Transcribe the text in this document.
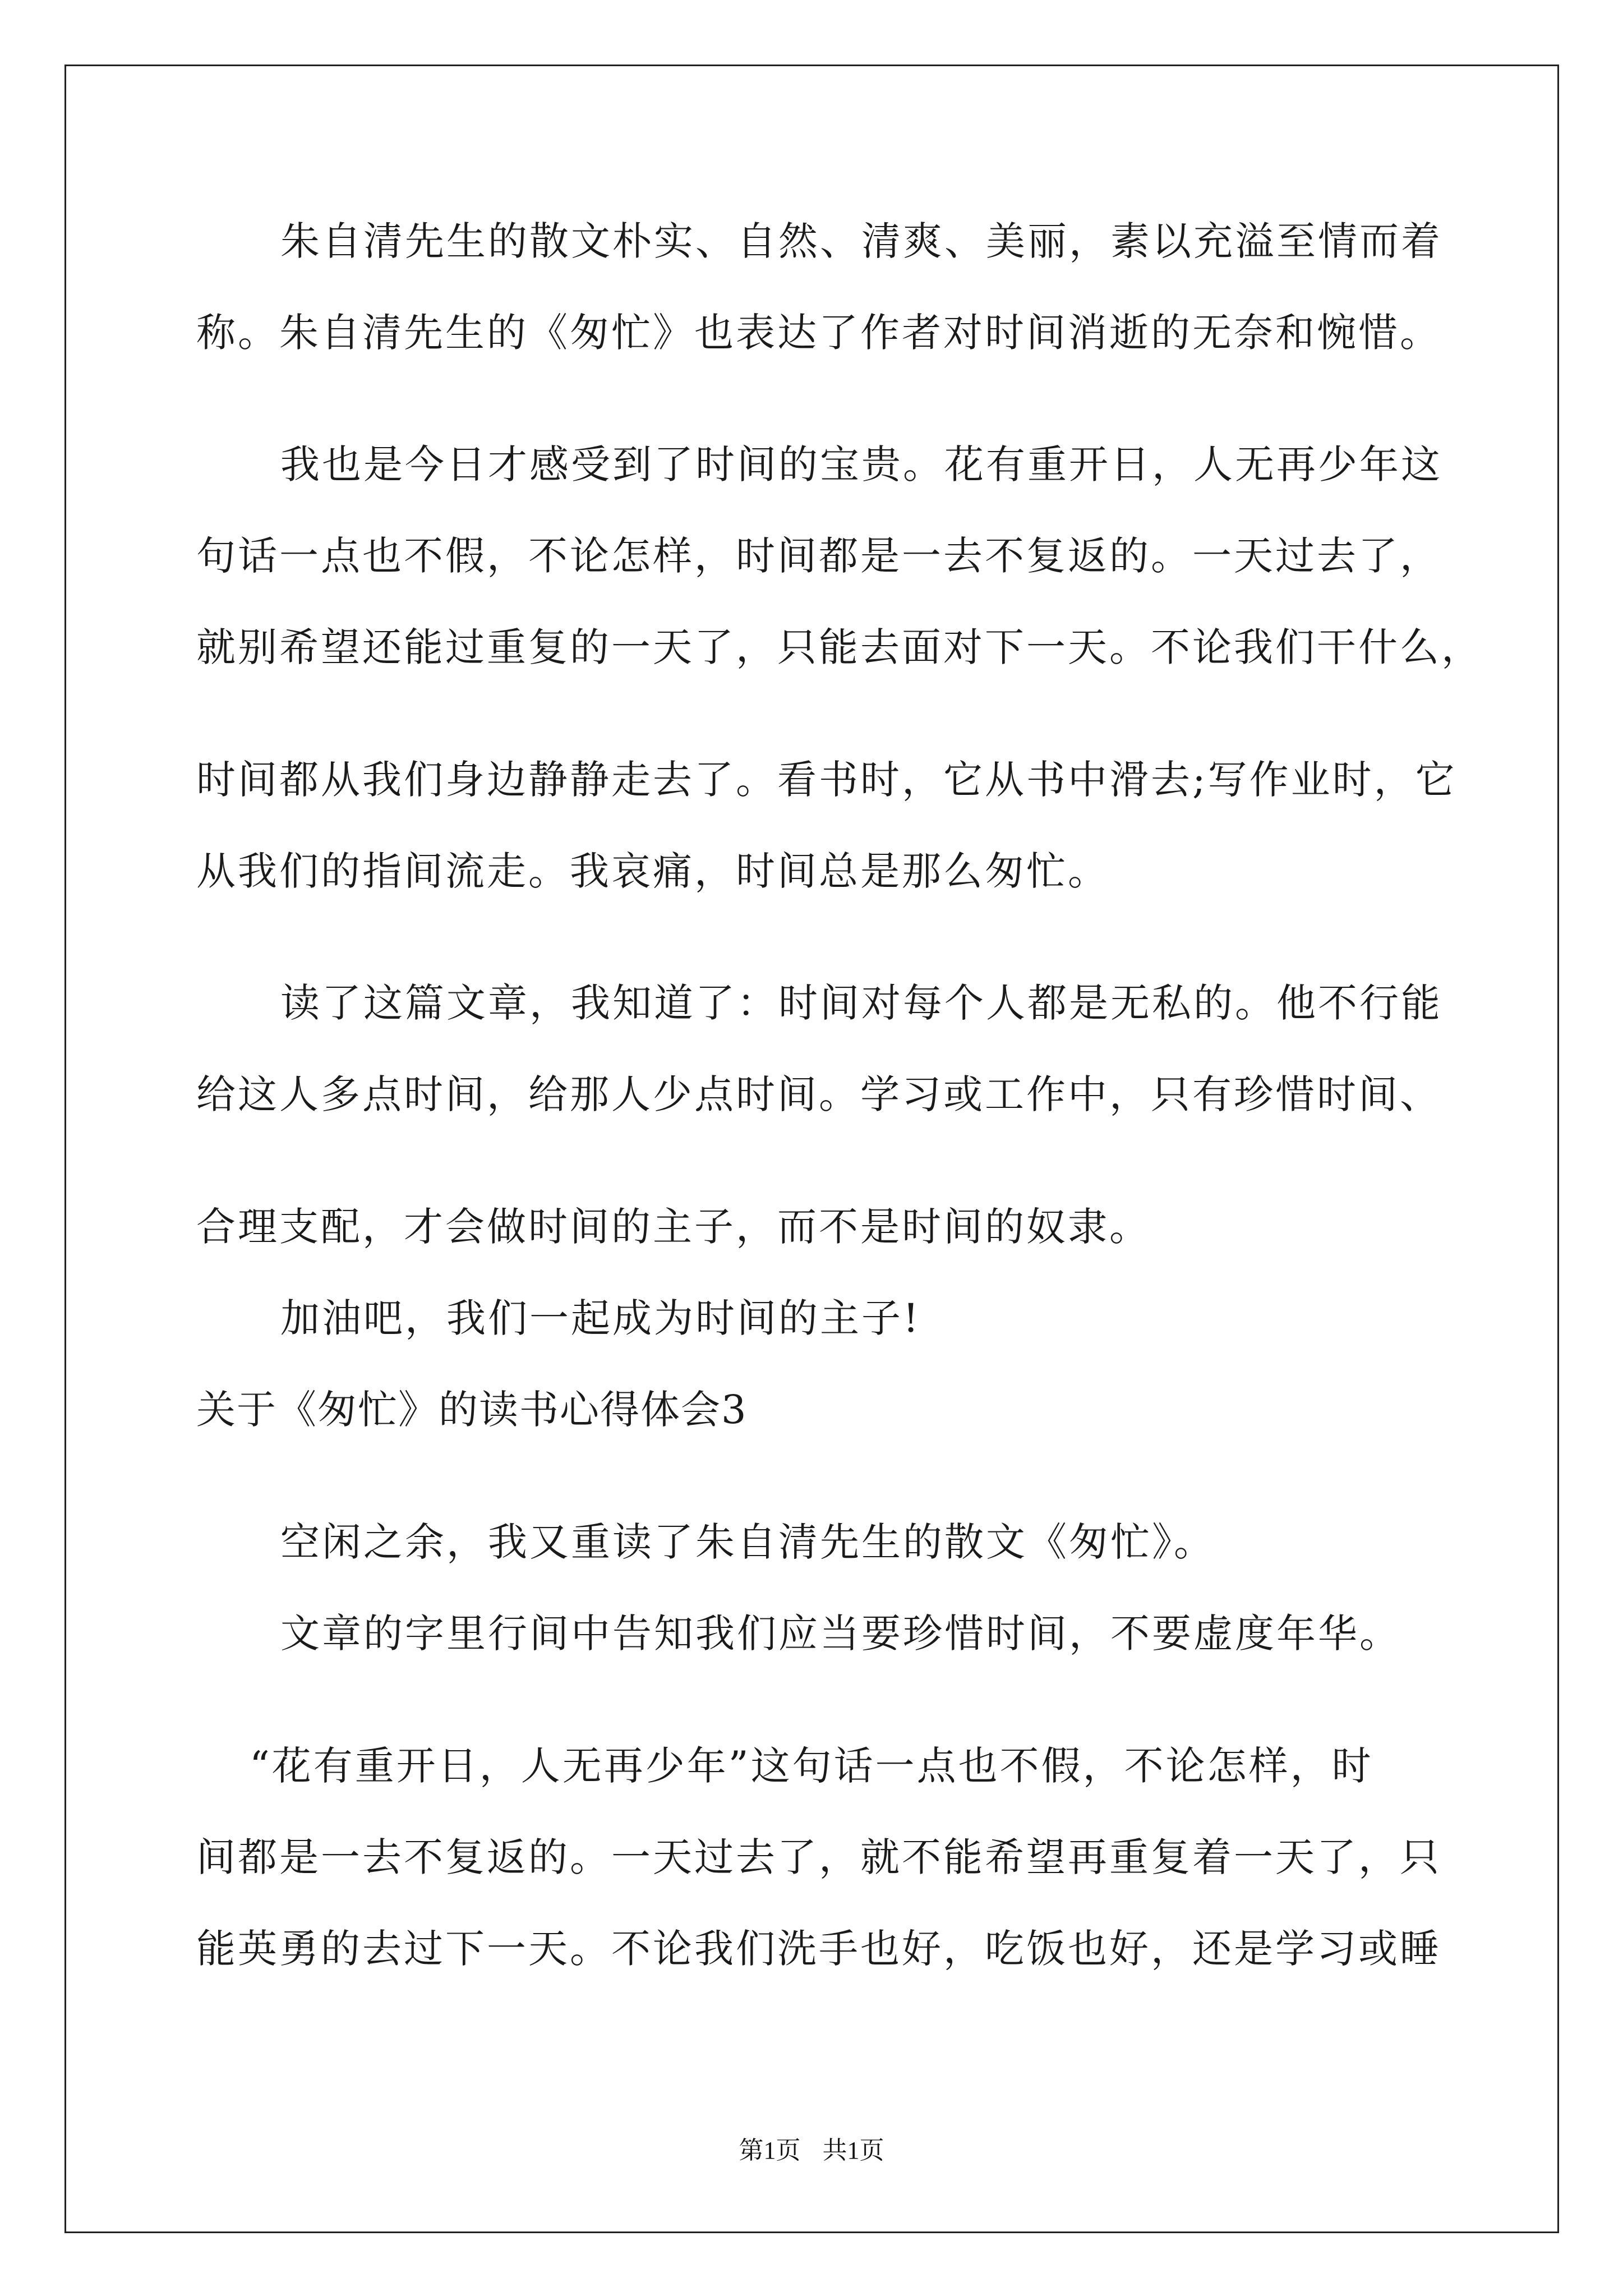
朱自清先生的散文朴实、自然、清爽、美丽，素以充溢至情而着
称。朱自清先生的《匆忙》也表达了作者对时间消逝的无奈和惋惜。
我也是今日才感受到了时间的宝贵。花有重开日，人无再少年这
句话一点也不假，不论怎样，时间都是一去不复返的。一天过去了，
就别希望还能过重复的一天了，只能去面对下一天。不论我们干什么，
时间都从我们身边静静走去了。看书时，它从书中滑去;写作业时，它
从我们的指间流走。我哀痛，时间总是那么匆忙。
读了这篇文章，我知道了：时间对每个人都是无私的。他不行能
给这人多点时间，给那人少点时间。学习或工作中，只有珍惜时间、
合理支配，才会做时间的主子，而不是时间的奴隶。
加油吧，我们一起成为时间的主子!
关于《匆忙》的读书心得体会3
空闲之余，我又重读了朱自清先生的散文《匆忙》。
文章的字里行间中告知我们应当要珍惜时间，不要虚度年华。
“花有重开日，人无再少年”这句话一点也不假，不论怎样，时
间都是一去不复返的。一天过去了，就不能希望再重复着一天了，只
能英勇的去过下一天。不论我们洗手也好，吃饭也好，还是学习或睡
第1页 共1页
